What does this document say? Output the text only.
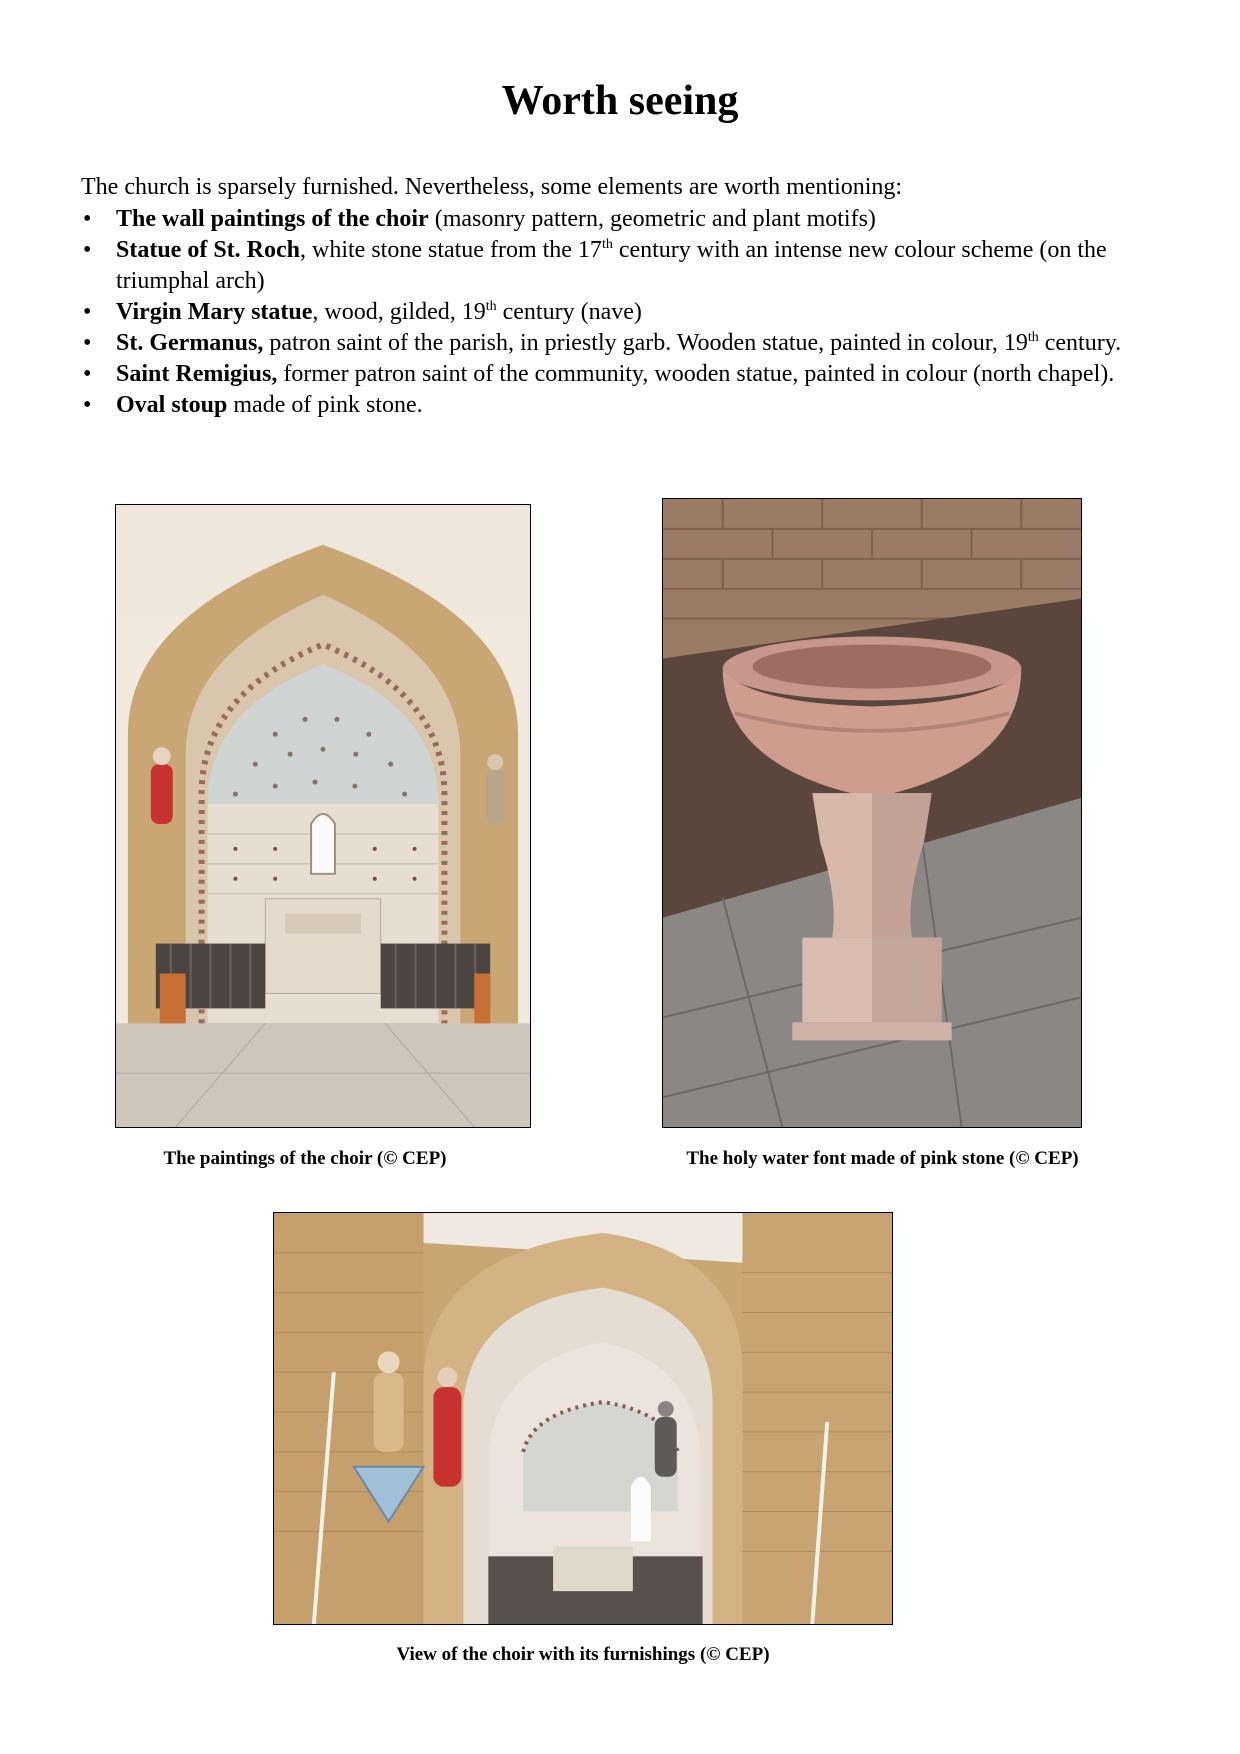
Worth seeing
The church is sparsely furnished. Nevertheless, some elements are worth mentioning:
• The wall paintings of the choir (masonry pattern, geometric and plant motifs)
• Statue of St. Roch, white stone statue from the 17th century with an intense new colour scheme (on the triumphal arch)
• Virgin Mary statue, wood, gilded, 19th century (nave)
• St. Germanus, patron saint of the parish, in priestly garb. Wooden statue, painted in colour, 19th century.
• Saint Remigius, former patron saint of the community, wooden statue, painted in colour (north chapel).
• Oval stoup made of pink stone.
The paintings of the choir (© CEP)	The holy water font made of pink stone (© CEP)
View of the choir with its furnishings (© CEP)
